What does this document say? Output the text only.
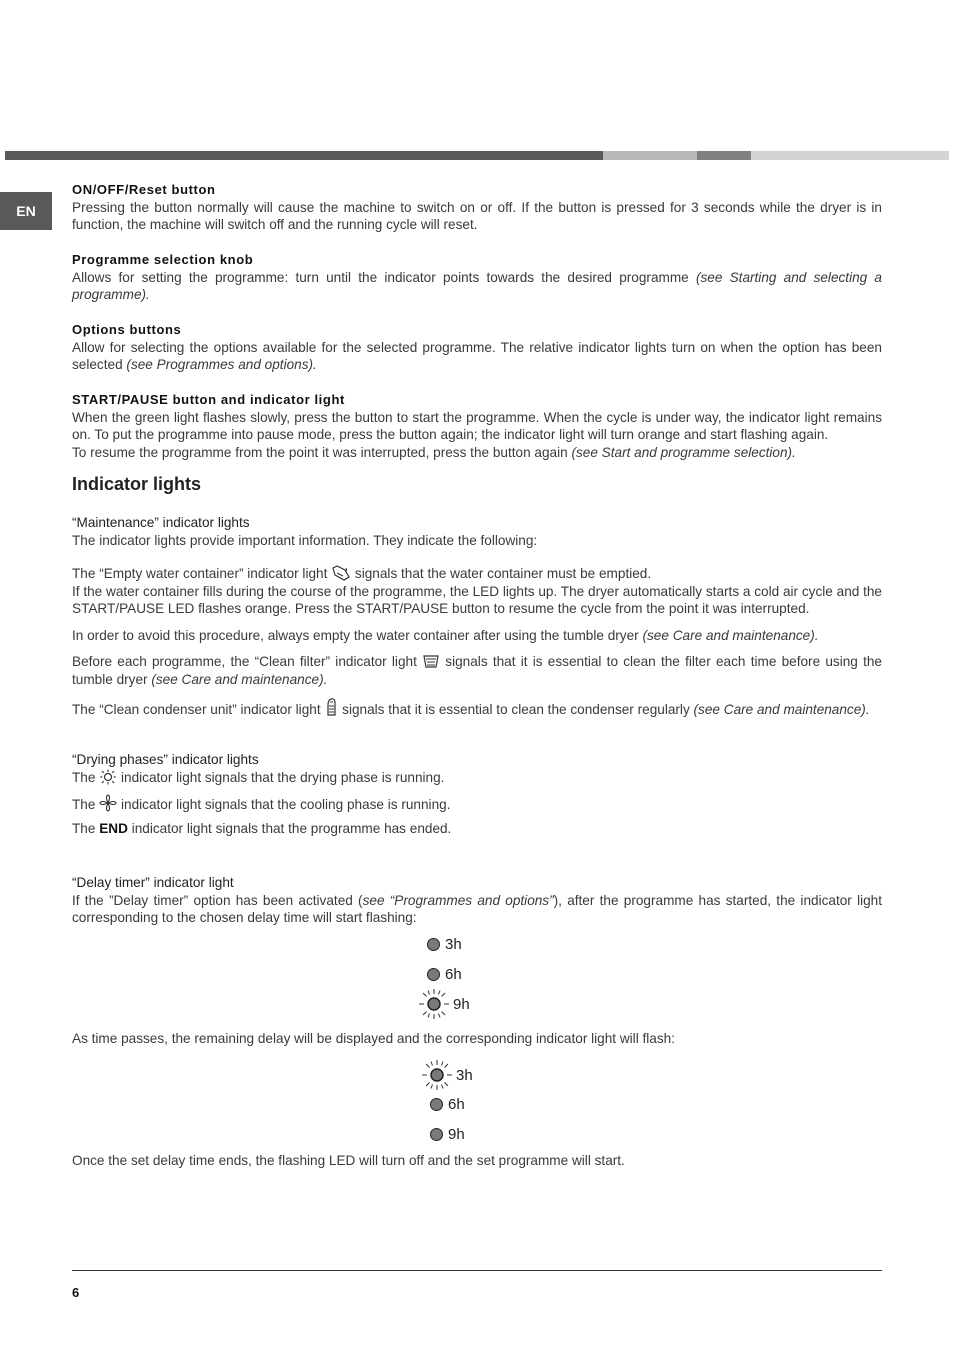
EN
ON/OFF/Reset button

Pressing the button normally will cause the machine to switch on or off. If the button is pressed for 3 seconds while the dryer is in function, the machine will switch off and the running cycle will reset.

Programme selection knob

Allows for setting the programme: turn until the indicator points towards the desired programme (see Starting and selecting a programme).

Options buttons

Allow for selecting the options available for the selected programme. The relative indicator lights turn on when the option has been selected (see Programmes and options).

START/PAUSE button and indicator light

When the green light flashes slowly, press the button to start the programme. When the cycle is under way, the indicator light remains on. To put the programme into pause mode, press the button again; the indicator light will turn orange and start flashing again.

To resume the programme from the point it was interrupted, press the button again (see Start and programme selection).

Indicator lights
“Maintenance” indicator lights
The indicator lights provide important information. They indicate the following:
The “Empty water container” indicator light
signals that the water container must be emptied.

If the water container fills during the course of the programme, the LED lights up. The dryer automatically starts a cold air cycle and the START/PAUSE LED flashes orange. Press the START/PAUSE button to resume the cycle from the point it was interrupted.

In order to avoid this procedure, always empty the water container after using the tumble dryer (see Care and maintenance).

Before each programme, the “Clean filter” indicator light
signals that it is essential to clean the filter each time before using the tumble dryer (see Care and maintenance).

The “Clean condenser unit” indicator light
signals that it is essential to clean the condenser regularly (see Care and maintenance).

“Drying phases” indicator lights
The
indicator light signals that the drying phase is running.
The
indicator light signals that the cooling phase is running.
The END indicator light signals that the programme has ended.
“Delay timer” indicator light

If the ”Delay timer” option has been activated (see “Programmes and options”), after the programme has started, the indicator light corresponding to the chosen delay time will start flashing:

3h
6h
9h
As time passes, the remaining delay will be displayed and the corresponding indicator light will flash:
3h
6h
9h
Once the set delay time ends, the flashing LED will turn off and the set programme will start.
6
